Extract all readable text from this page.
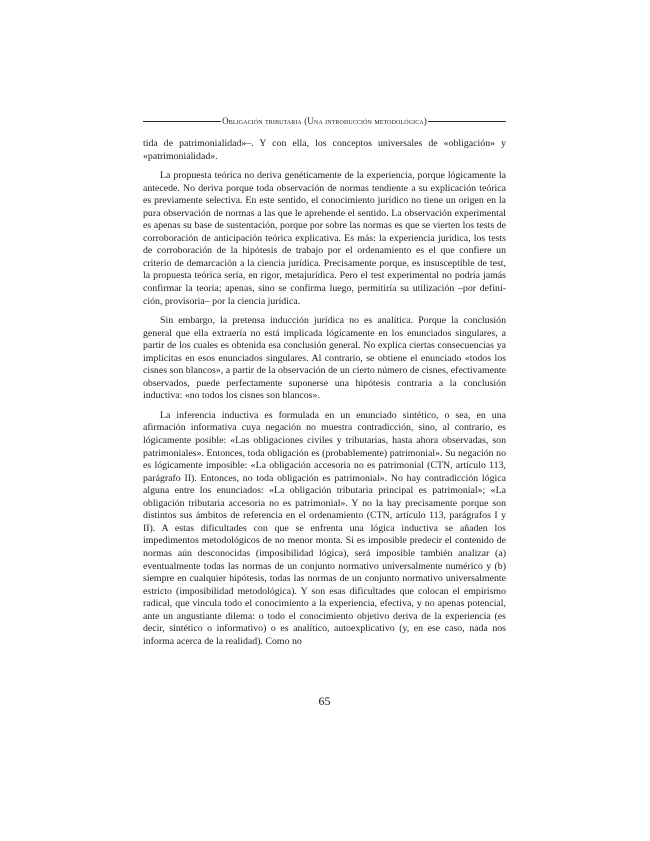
Obligación tributaria (Una introducción metodológica)

tida de patrimonialidad»–. Y con ella, los conceptos universales de «obligación» y «patrimonialidad».

La propuesta teórica no deriva genéticamente de la experiencia, porque lógicamente la antecede. No deriva porque toda observación de normas tendiente a su explicación teórica es previamente selectiva. En este sentido, el conocimiento jurídico no tiene un origen en la pura observación de normas a las que le aprehende el sentido. La observación experimental es apenas su base de sustentación, porque por sobre las normas es que se vierten los tests de corroboración de anticipación teórica explicativa. Es más: la experiencia jurídica, los tests de corroboración de la hipótesis de trabajo por el ordenamiento es el que confiere un criterio de demarcación a la ciencia jurídica. Precisamente porque, es insusceptible de test, la propuesta teórica sería, en rigor, metajurídica. Pero el test experimental no podría jamás confirmar la teoría; apenas, sino se confirma luego, permitiría su utilización –por definición, provisoria– por la ciencia jurídica.

Sin embargo, la pretensa inducción jurídica no es analítica. Porque la conclusión general que ella extraería no está implicada lógicamente en los enunciados singulares, a partir de los cuales es obtenida esa conclusión general. No explica ciertas consecuencias ya implícitas en esos enunciados singulares. Al contrario, se obtiene el enunciado «todos los cisnes son blancos», a partir de la observación de un cierto número de cisnes, efectivamente observados, puede perfectamente suponerse una hipótesis contraria a la conclusión inductiva: «no todos los cisnes son blancos».

La inferencia inductiva es formulada en un enunciado sintético, o sea, en una afirmación informativa cuya negación no muestra contradicción, sino, al contrario, es lógicamente posible: «Las obligaciones civiles y tributarias, hasta ahora observadas, son patrimoniales». Entonces, toda obligación es (probablemente) patrimonial». Su negación no es lógicamente imposible: «La obligación accesoria no es patrimonial (CTN, artículo 113, parágrafo II). Entonces, no toda obligación es patrimonial». No hay contradicción lógica alguna entre los enunciados: «La obligación tributaria principal es patrimonial»; «La obligación tributaria accesoria no es patrimonial». Y no la hay precisamente porque son distintos sus ámbitos de referencia en el ordenamiento (CTN, artículo 113, parágrafos I y II). A estas dificultades con que se enfrenta una lógica inductiva se añaden los impedimentos metodológicos de no menor monta. Si es imposible predecir el contenido de normas aún desconocidas (imposibilidad lógica), será imposible también analizar (a) eventualmente todas las normas de un conjunto normativo universalmente numérico y (b) siempre en cualquier hipótesis, todas las normas de un conjunto normativo universalmente estricto (imposibilidad metodológica). Y son esas dificultades que colocan el empirismo radical, que vincula todo el conocimiento a la experiencia, efectiva, y no apenas potencial, ante un angustiante dilema: o todo el conocimiento objetivo deriva de la experiencia (es decir, sintético o informativo) o es analítico, autoexplicativo (y, en ese caso, nada nos informa acerca de la realidad). Como no

65
